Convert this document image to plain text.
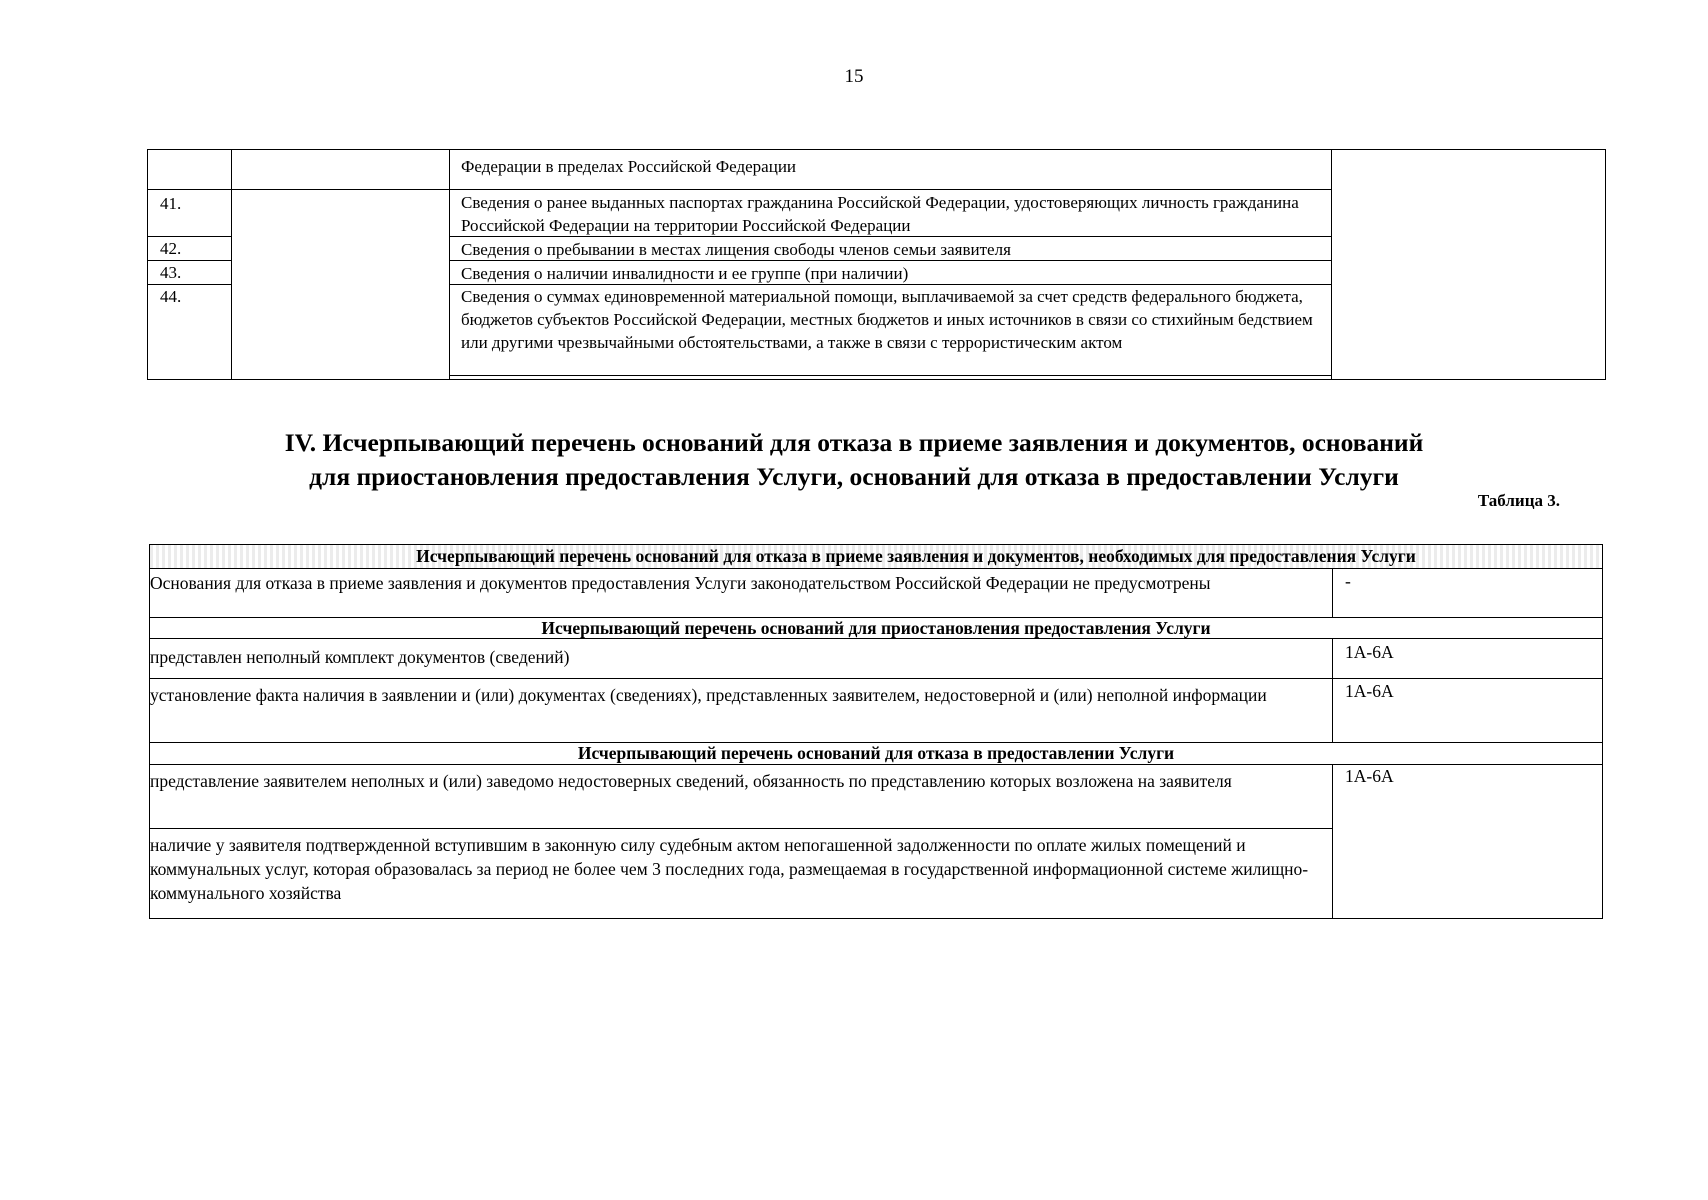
15
Федерации в пределах Российской Федерации
41.	Сведения о ранее выданных паспортах гражданина Российской Федерации, удостоверяющих личность гражданина Российской Федерации на территории Российской Федерации
42.	Сведения о пребывании в местах лищения свободы членов семьи заявителя
43.	Сведения о наличии инвалидности и ее группе (при наличии)
44.	Сведения о суммах единовременной материальной помощи, выплачиваемой за счет средств федерального бюджета, бюджетов субъектов Российской Федерации, местных бюджетов и иных источников в связи со стихийным бедствием или другими чрезвычайными обстоятельствами, а также в связи с террористическим актом
IV. Исчерпывающий перечень оснований для отказа в приеме заявления и документов, оснований
для приостановления предоставления Услуги, оснований для отказа в предоставлении Услуги
Таблица 3.
Исчерпывающий перечень оснований для отказа в приеме заявления и документов, необходимых для предоставления Услуги
Основания для отказа в приеме заявления и документов предоставления Услуги законодательством Российской Федерации не предусмотрены	-
Исчерпывающий перечень оснований для приостановления предоставления Услуги
представлен неполный комплект документов (сведений)	1А-6А
установление факта наличия в заявлении и (или) документах (сведениях), представленных заявителем, недостоверной и (или) неполной информации	1А-6А
Исчерпывающий перечень оснований для отказа в предоставлении Услуги
представление заявителем неполных и (или) заведомо недостоверных сведений, обязанность по представлению которых возложена на заявителя	1А-6А
наличие у заявителя подтвержденной вступившим в законную силу судебным актом непогашенной задолженности по оплате жилых помещений и коммунальных услуг, которая образовалась за период не более чем 3 последних года, размещаемая в государственной информационной системе жилищно-коммунального хозяйства
